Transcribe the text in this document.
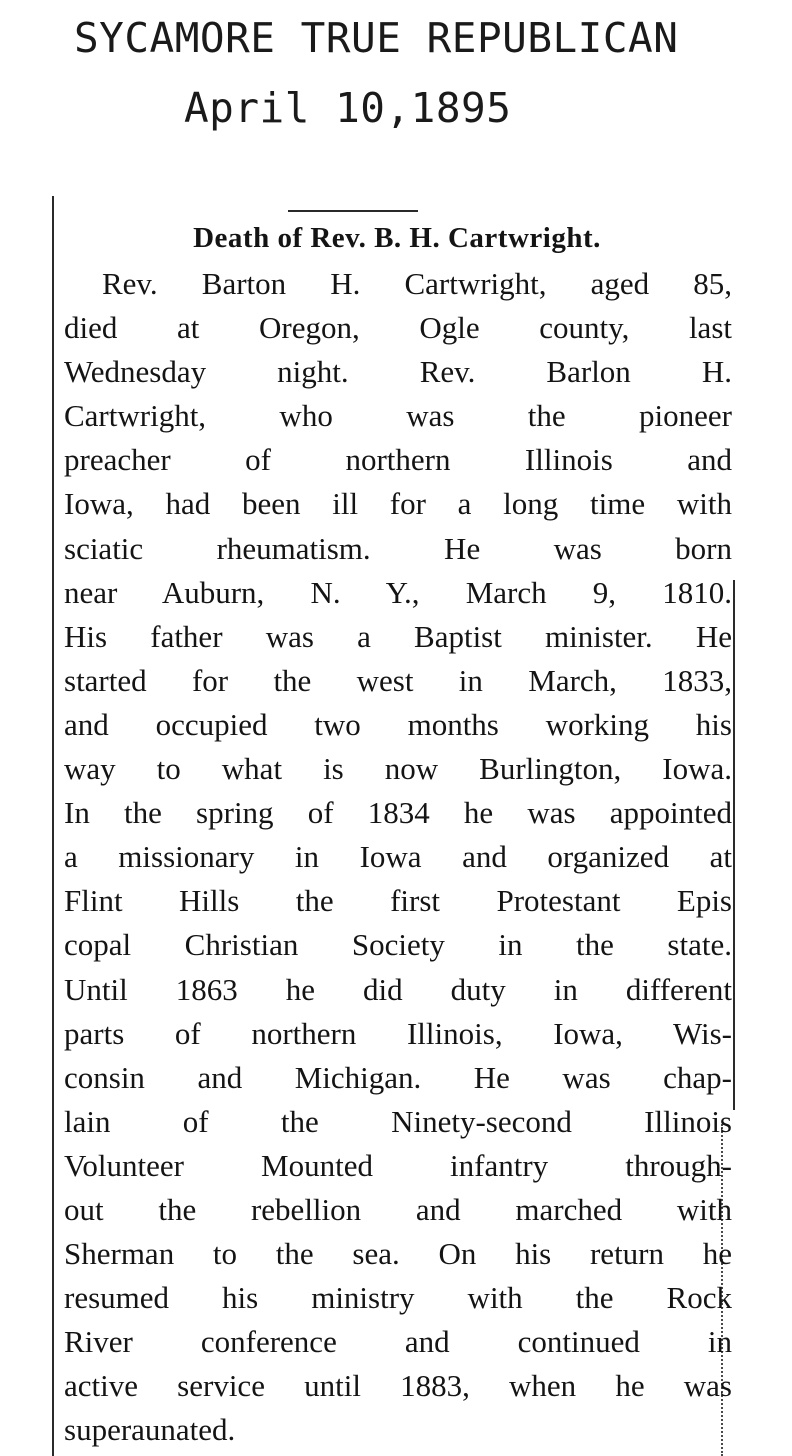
SYCAMORE TRUE REPUBLICAN
April 10,1895
Death of Rev. B. H. Cartwright.
Rev. Barton H. Cartwright, aged 85,
died at Oregon, Ogle county, last
Wednesday night. Rev. Barlon H.
Cartwright, who was the pioneer
preacher of northern Illinois and
Iowa, had been ill for a long time with
sciatic rheumatism. He was born
near Auburn, N. Y., March 9, 1810.
His father was a Baptist minister. He
started for the west in March, 1833,
and occupied two months working his
way to what is now Burlington, Iowa.
In the spring of 1834 he was appointed
a missionary in Iowa and organized at
Flint Hills the first Protestant Epis
copal Christian Society in the state.
Until 1863 he did duty in different
parts of northern Illinois, Iowa, Wis-
consin and Michigan. He was chap-
lain of the Ninety-second Illinois
Volunteer Mounted infantry through-
out the rebellion and marched with
Sherman to the sea. On his return he
resumed his ministry with the Rock
River conference and continued in
active service until 1883, when he was
superaunated.
